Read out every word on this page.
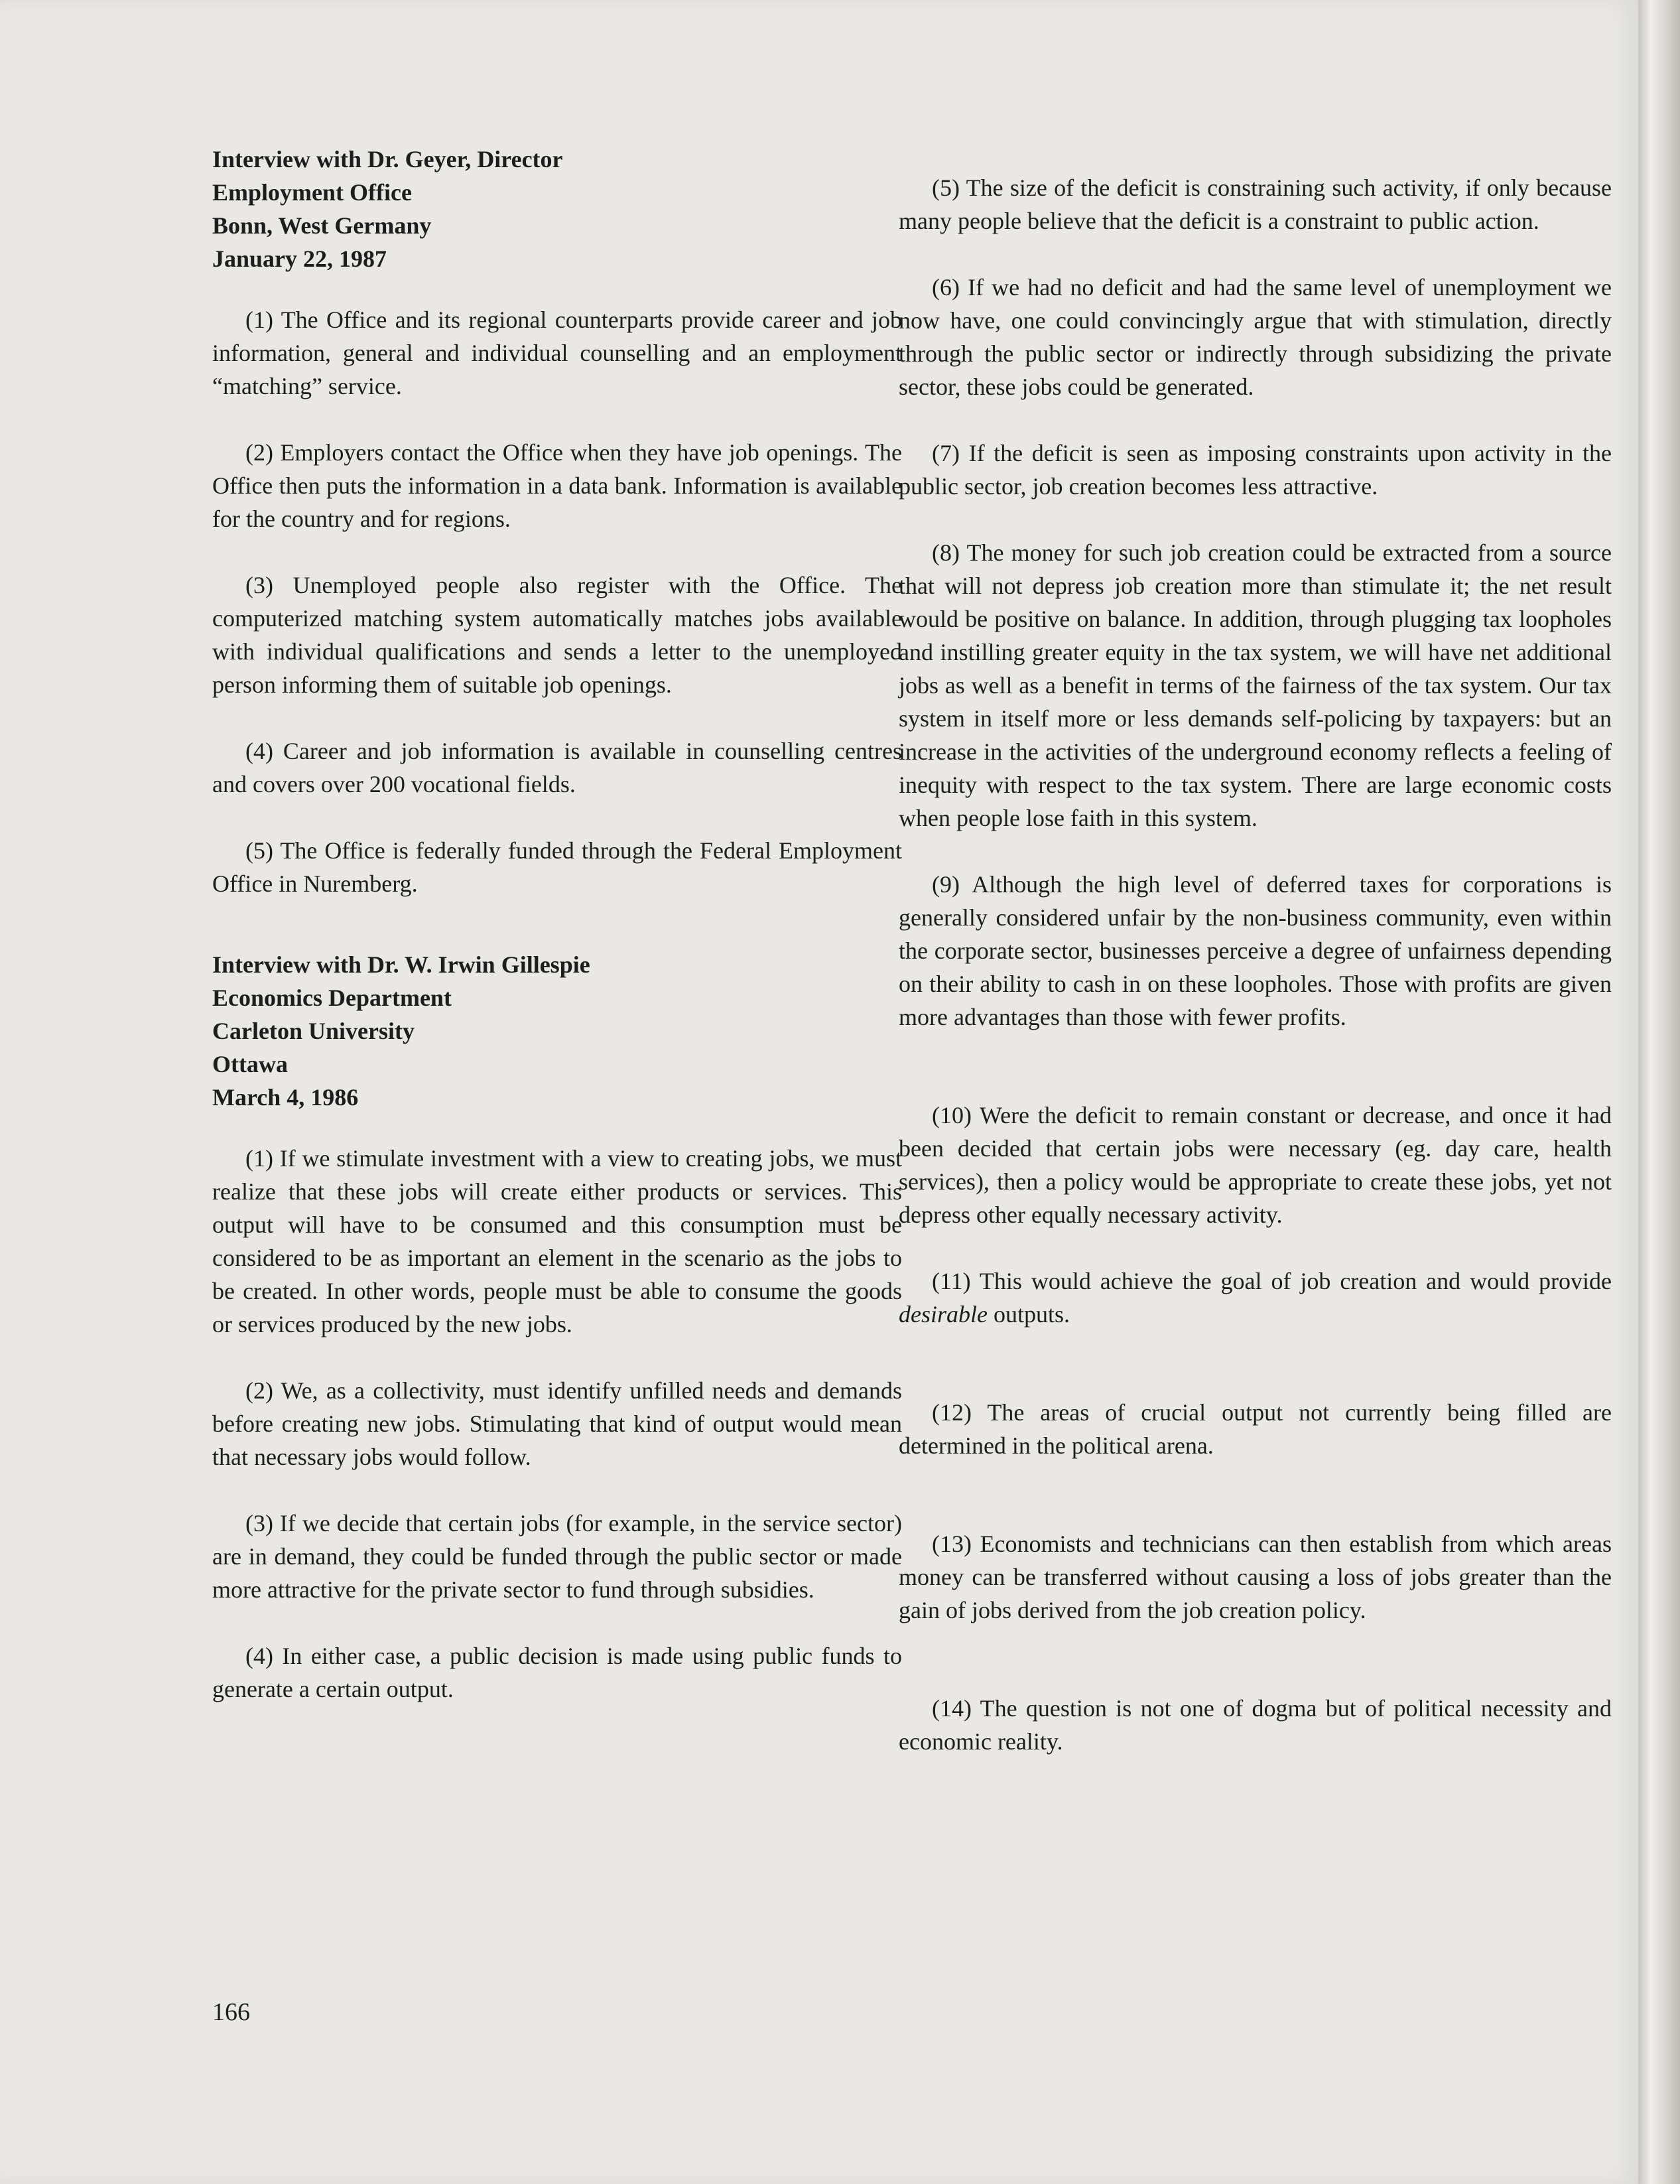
Interview with Dr. Geyer, Director
Employment Office
Bonn, West Germany
January 22, 1987

(1) The Office and its regional counterparts provide career and job information, general and individual counselling and an employment “matching” service.

(2) Employers contact the Office when they have job openings. The Office then puts the information in a data bank. Information is available for the country and for regions.

(3) Unemployed people also register with the Office. The computerized matching system automatically matches jobs available with individual qualifications and sends a letter to the unemployed person informing them of suitable job openings.

(4) Career and job information is available in counselling centres and covers over 200 vocational fields.

(5) The Office is federally funded through the Federal Employment Office in Nuremberg.

Interview with Dr. W. Irwin Gillespie
Economics Department
Carleton University
Ottawa
March 4, 1986

(1) If we stimulate investment with a view to creating jobs, we must realize that these jobs will create either products or services. This output will have to be consumed and this consumption must be considered to be as important an element in the scenario as the jobs to be created. In other words, people must be able to consume the goods or services produced by the new jobs.

(2) We, as a collectivity, must identify unfilled needs and demands before creating new jobs. Stimulating that kind of output would mean that necessary jobs would follow.

(3) If we decide that certain jobs (for example, in the service sector) are in demand, they could be funded through the public sector or made more attractive for the private sector to fund through subsidies.

(4) In either case, a public decision is made using public funds to generate a certain output.

(5) The size of the deficit is constraining such activity, if only because many people believe that the deficit is a constraint to public action.

(6) If we had no deficit and had the same level of unemployment we now have, one could convincingly argue that with stimulation, directly through the public sector or indirectly through subsidizing the private sector, these jobs could be generated.

(7) If the deficit is seen as imposing constraints upon activity in the public sector, job creation becomes less attractive.

(8) The money for such job creation could be extracted from a source that will not depress job creation more than stimulate it; the net result would be positive on balance. In addition, through plugging tax loopholes and instilling greater equity in the tax system, we will have net additional jobs as well as a benefit in terms of the fairness of the tax system. Our tax system in itself more or less demands self-policing by taxpayers: but an increase in the activities of the underground economy reflects a feeling of inequity with respect to the tax system. There are large economic costs when people lose faith in this system.

(9) Although the high level of deferred taxes for corporations is generally considered unfair by the non-business community, even within the corporate sector, businesses perceive a degree of unfairness depending on their ability to cash in on these loopholes. Those with profits are given more advantages than those with fewer profits.

(10) Were the deficit to remain constant or decrease, and once it had been decided that certain jobs were necessary (eg. day care, health services), then a policy would be appropriate to create these jobs, yet not depress other equally necessary activity.

(11) This would achieve the goal of job creation and would provide desirable outputs.

(12) The areas of crucial output not currently being filled are determined in the political arena.

(13) Economists and technicians can then establish from which areas money can be transferred without causing a loss of jobs greater than the gain of jobs derived from the job creation policy.

(14) The question is not one of dogma but of political necessity and economic reality.

166
